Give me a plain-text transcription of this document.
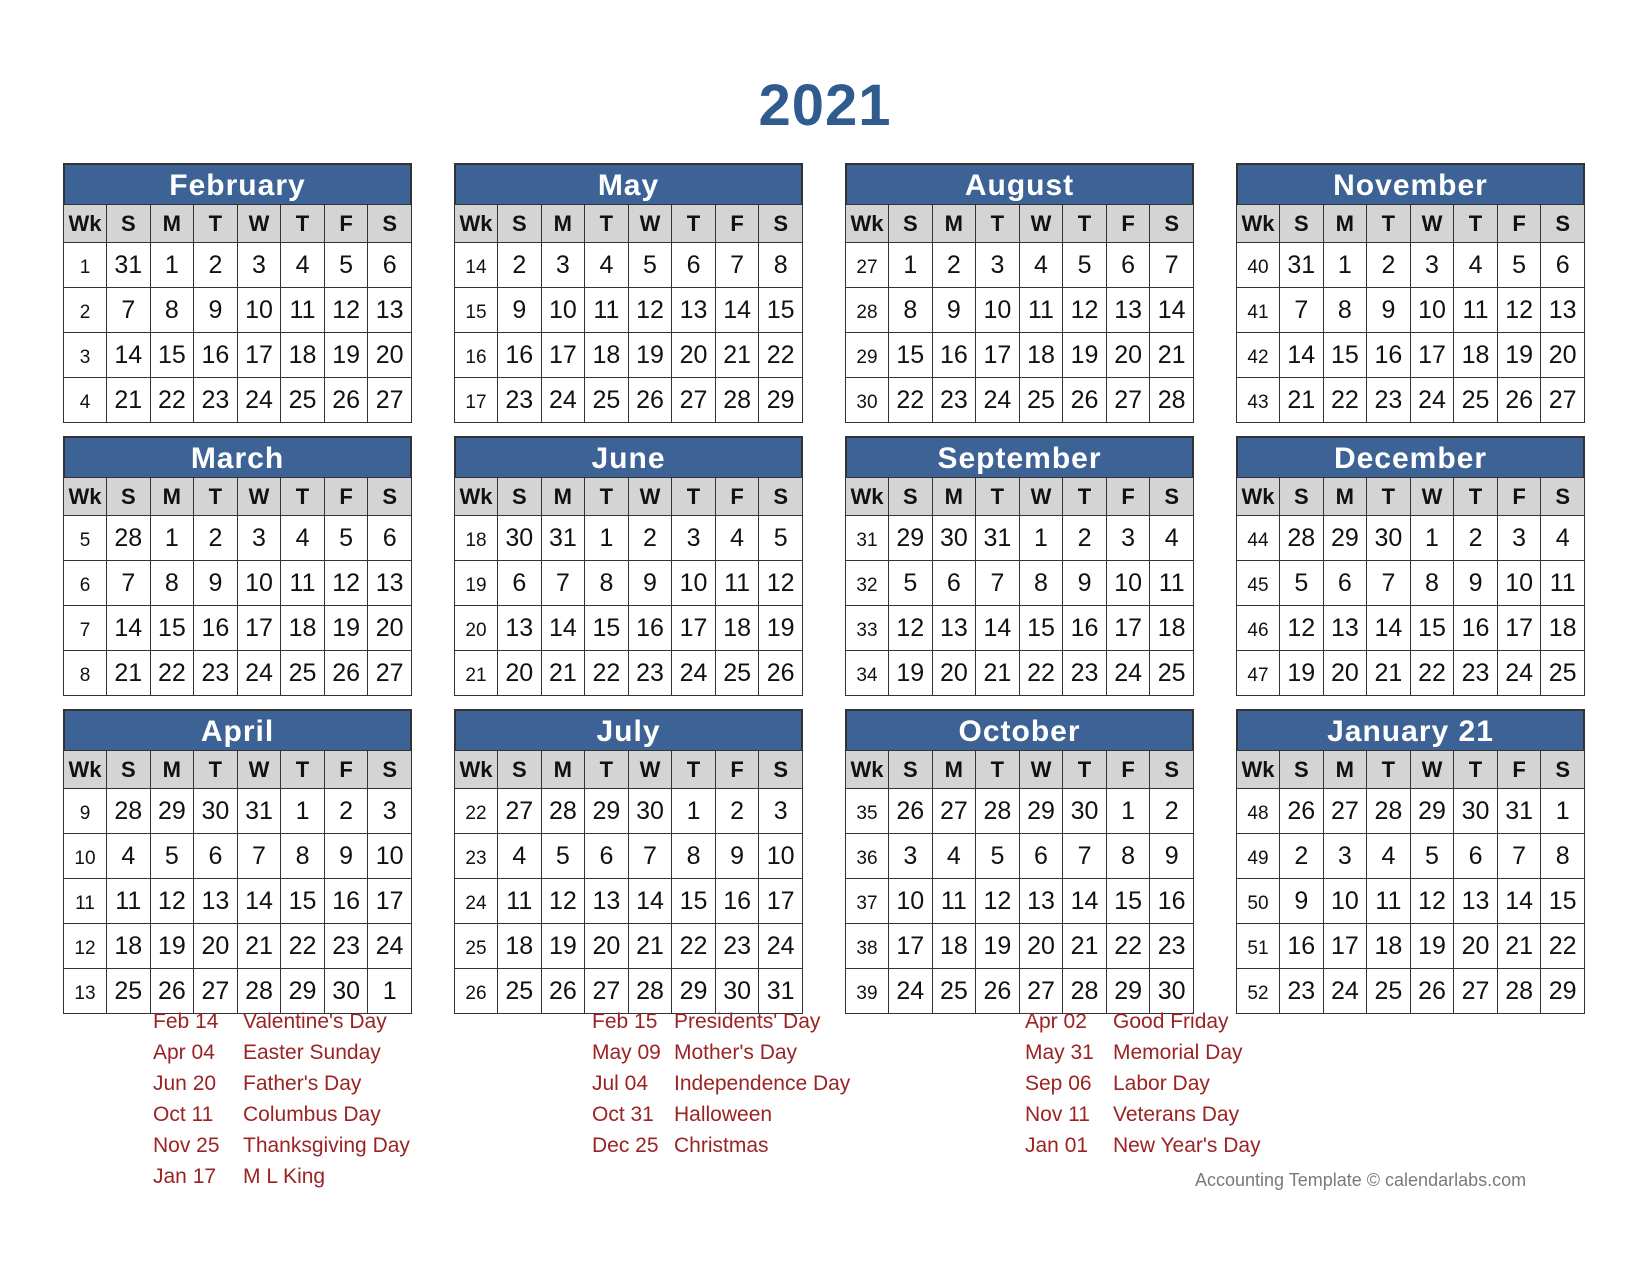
2021
February
Wk	S	M	T	W	T	F	S
1	31	1	2	3	4	5	6
2	7	8	9	10	11	12	13
3	14	15	16	17	18	19	20
4	21	22	23	24	25	26	27
May
Wk	S	M	T	W	T	F	S
14	2	3	4	5	6	7	8
15	9	10	11	12	13	14	15
16	16	17	18	19	20	21	22
17	23	24	25	26	27	28	29
August
Wk	S	M	T	W	T	F	S
27	1	2	3	4	5	6	7
28	8	9	10	11	12	13	14
29	15	16	17	18	19	20	21
30	22	23	24	25	26	27	28
November
Wk	S	M	T	W	T	F	S
40	31	1	2	3	4	5	6
41	7	8	9	10	11	12	13
42	14	15	16	17	18	19	20
43	21	22	23	24	25	26	27
March
Wk	S	M	T	W	T	F	S
5	28	1	2	3	4	5	6
6	7	8	9	10	11	12	13
7	14	15	16	17	18	19	20
8	21	22	23	24	25	26	27
June
Wk	S	M	T	W	T	F	S
18	30	31	1	2	3	4	5
19	6	7	8	9	10	11	12
20	13	14	15	16	17	18	19
21	20	21	22	23	24	25	26
September
Wk	S	M	T	W	T	F	S
31	29	30	31	1	2	3	4
32	5	6	7	8	9	10	11
33	12	13	14	15	16	17	18
34	19	20	21	22	23	24	25
December
Wk	S	M	T	W	T	F	S
44	28	29	30	1	2	3	4
45	5	6	7	8	9	10	11
46	12	13	14	15	16	17	18
47	19	20	21	22	23	24	25
April
Wk	S	M	T	W	T	F	S
9	28	29	30	31	1	2	3
10	4	5	6	7	8	9	10
11	11	12	13	14	15	16	17
12	18	19	20	21	22	23	24
13	25	26	27	28	29	30	1
July
Wk	S	M	T	W	T	F	S
22	27	28	29	30	1	2	3
23	4	5	6	7	8	9	10
24	11	12	13	14	15	16	17
25	18	19	20	21	22	23	24
26	25	26	27	28	29	30	31
October
Wk	S	M	T	W	T	F	S
35	26	27	28	29	30	1	2
36	3	4	5	6	7	8	9
37	10	11	12	13	14	15	16
38	17	18	19	20	21	22	23
39	24	25	26	27	28	29	30
January 21
Wk	S	M	T	W	T	F	S
48	26	27	28	29	30	31	1
49	2	3	4	5	6	7	8
50	9	10	11	12	13	14	15
51	16	17	18	19	20	21	22
52	23	24	25	26	27	28	29
Feb 14 Valentine's Day
Apr 04 Easter Sunday
Jun 20 Father's Day
Oct 11 Columbus Day
Nov 25 Thanksgiving Day
Jan 17 M L King
Feb 15 Presidents' Day
May 09 Mother's Day
Jul 04 Independence Day
Oct 31 Halloween
Dec 25 Christmas
Apr 02 Good Friday
May 31 Memorial Day
Sep 06 Labor Day
Nov 11 Veterans Day
Jan 01 New Year's Day
Accounting Template © calendarlabs.com
